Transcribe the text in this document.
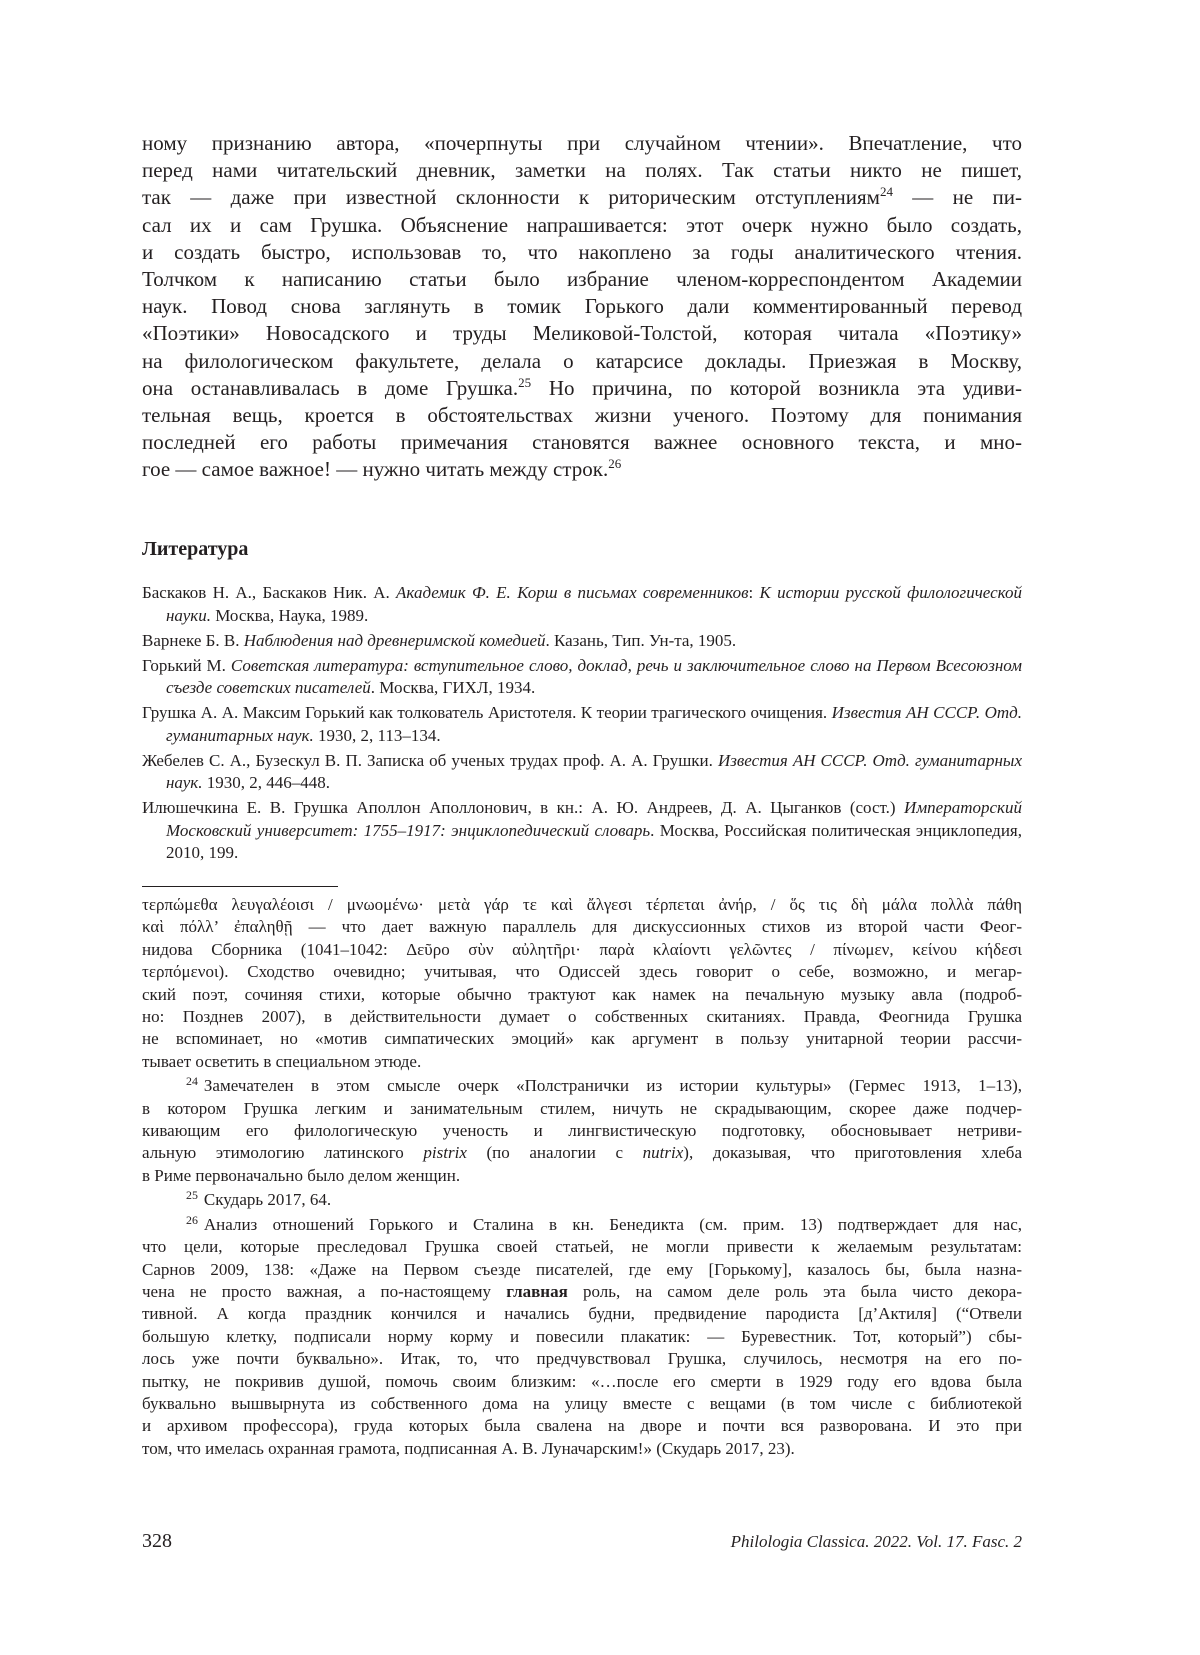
ному признанию автора, «почерпнуты при случайном чтении». Впечатление, что
перед нами читательский дневник, заметки на полях. Так статьи никто не пишет,
так — даже при известной склонности к риторическим отступлениям$^{24}$ — не пи-
сал их и сам Грушка. Объяснение напрашивается: этот очерк нужно было создать,
и создать быстро, использовав то, что накоплено за годы аналитического чтения.
Толчком к написанию статьи было избрание членом-корреспондентом Академии
наук. Повод снова заглянуть в томик Горького дали комментированный перевод
«Поэтики» Новосадского и труды Меликовой-Толстой, которая читала «Поэтику»
на филологическом факультете, делала о катарсисе доклады. Приезжая в Москву,
она останавливалась в доме Грушка.$^{25}$ Но причина, по которой возникла эта удиви-
тельная вещь, кроется в обстоятельствах жизни ученого. Поэтому для понимания
последней его работы примечания становятся важнее основного текста, и мно-
гое — самое важное! — нужно читать между строк.$^{26}$
Литература
Баскаков Н. А., Баскаков Ник. А. Академик Ф. Е. Корш в письмах современников: К истории русской филологической науки. Москва, Наука, 1989.
Варнеке Б. В. Наблюдения над древнеримской комедией. Казань, Тип. Ун-та, 1905.
Горький М. Советская литература: вступительное слово, доклад, речь и заключительное слово на Первом Всесоюзном съезде советских писателей. Москва, ГИХЛ, 1934.
Грушка А. А. Максим Горький как толкователь Аристотеля. К теории трагического очищения. Известия АН СССР. Отд. гуманитарных наук. 1930, 2, 113–134.
Жебелев С. А., Бузескул В. П. Записка об ученых трудах проф. А. А. Грушки. Известия АН СССР. Отд. гуманитарных наук. 1930, 2, 446–448.
Илюшечкина Е. В. Грушка Аполлон Аполлонович, в кн.: А. Ю. Андреев, Д. А. Цыганков (сост.) Императорский Московский университет: 1755–1917: энциклопедический словарь. Москва, Российская политическая энциклопедия, 2010, 199.
τερπώμεθα λευγαλέοισι / μνωομένω· μετὰ γάρ τε καὶ ἄλγεσι τέρπεται ἀνήρ, / ὅς τις δὴ μάλα πολλὰ πάθη
καὶ πόλλ’ ἐπαληθῇ — что дает важную параллель для дискуссионных стихов из второй части Феог-
нидова Сборника (1041–1042: Δεῦρο σὺν αὐλητῆρι· παρὰ κλαίοντι γελῶντες / πίνωμεν, κείνου κήδεσι
τερπόμενοι). Сходство очевидно; учитывая, что Одиссей здесь говорит о себе, возможно, и мегар-
ский поэт, сочиняя стихи, которые обычно трактуют как намек на печальную музыку авла (подроб-
но: Позднев 2007), в действительности думает о собственных скитаниях. Правда, Феогнида Грушка
не вспоминает, но «мотив симпатических эмоций» как аргумент в пользу унитарной теории рассчи-
тывает осветить в специальном этюде.
$^{24}$ Замечателен в этом смысле очерк «Полстранички из истории культуры» (Гермес 1913, 1–13),
в котором Грушка легким и занимательным стилем, ничуть не скрадывающим, скорее даже подчер-
кивающим его филологическую ученость и лингвистическую подготовку, обосновывает нетриви-
альную этимологию латинского pistrix (по аналогии с nutrix), доказывая, что приготовления хлеба
в Риме первоначально было делом женщин.
$^{25}$ Скударь 2017, 64.
$^{26}$ Анализ отношений Горького и Сталина в кн. Бенедикта (см. прим. 13) подтверждает для нас,
что цели, которые преследовал Грушка своей статьей, не могли привести к желаемым результатам:
Сарнов 2009, 138: «Даже на Первом съезде писателей, где ему [Горькому], казалось бы, была назна-
чена не просто важная, а по-настоящему главная роль, на самом деле роль эта была чисто декора-
тивной. А когда праздник кончился и начались будни, предвидение пародиста [д’Актиля] (“Отвели
большую клетку, подписали норму корму и повесили плакатик: — Буревестник. Тот, который”) сбы-
лось уже почти буквально». Итак, то, что предчувствовал Грушка, случилось, несмотря на его по-
пытку, не покривив душой, помочь своим близким: «…после его смерти в 1929 году его вдова была
буквально вышвырнута из собственного дома на улицу вместе с вещами (в том числе с библиотекой
и архивом профессора), груда которых была свалена на дворе и почти вся разворована. И это при
том, что имелась охранная грамота, подписанная А. В. Луначарским!» (Скударь 2017, 23).
328	Philologia Classica. 2022. Vol. 17. Fasc. 2
